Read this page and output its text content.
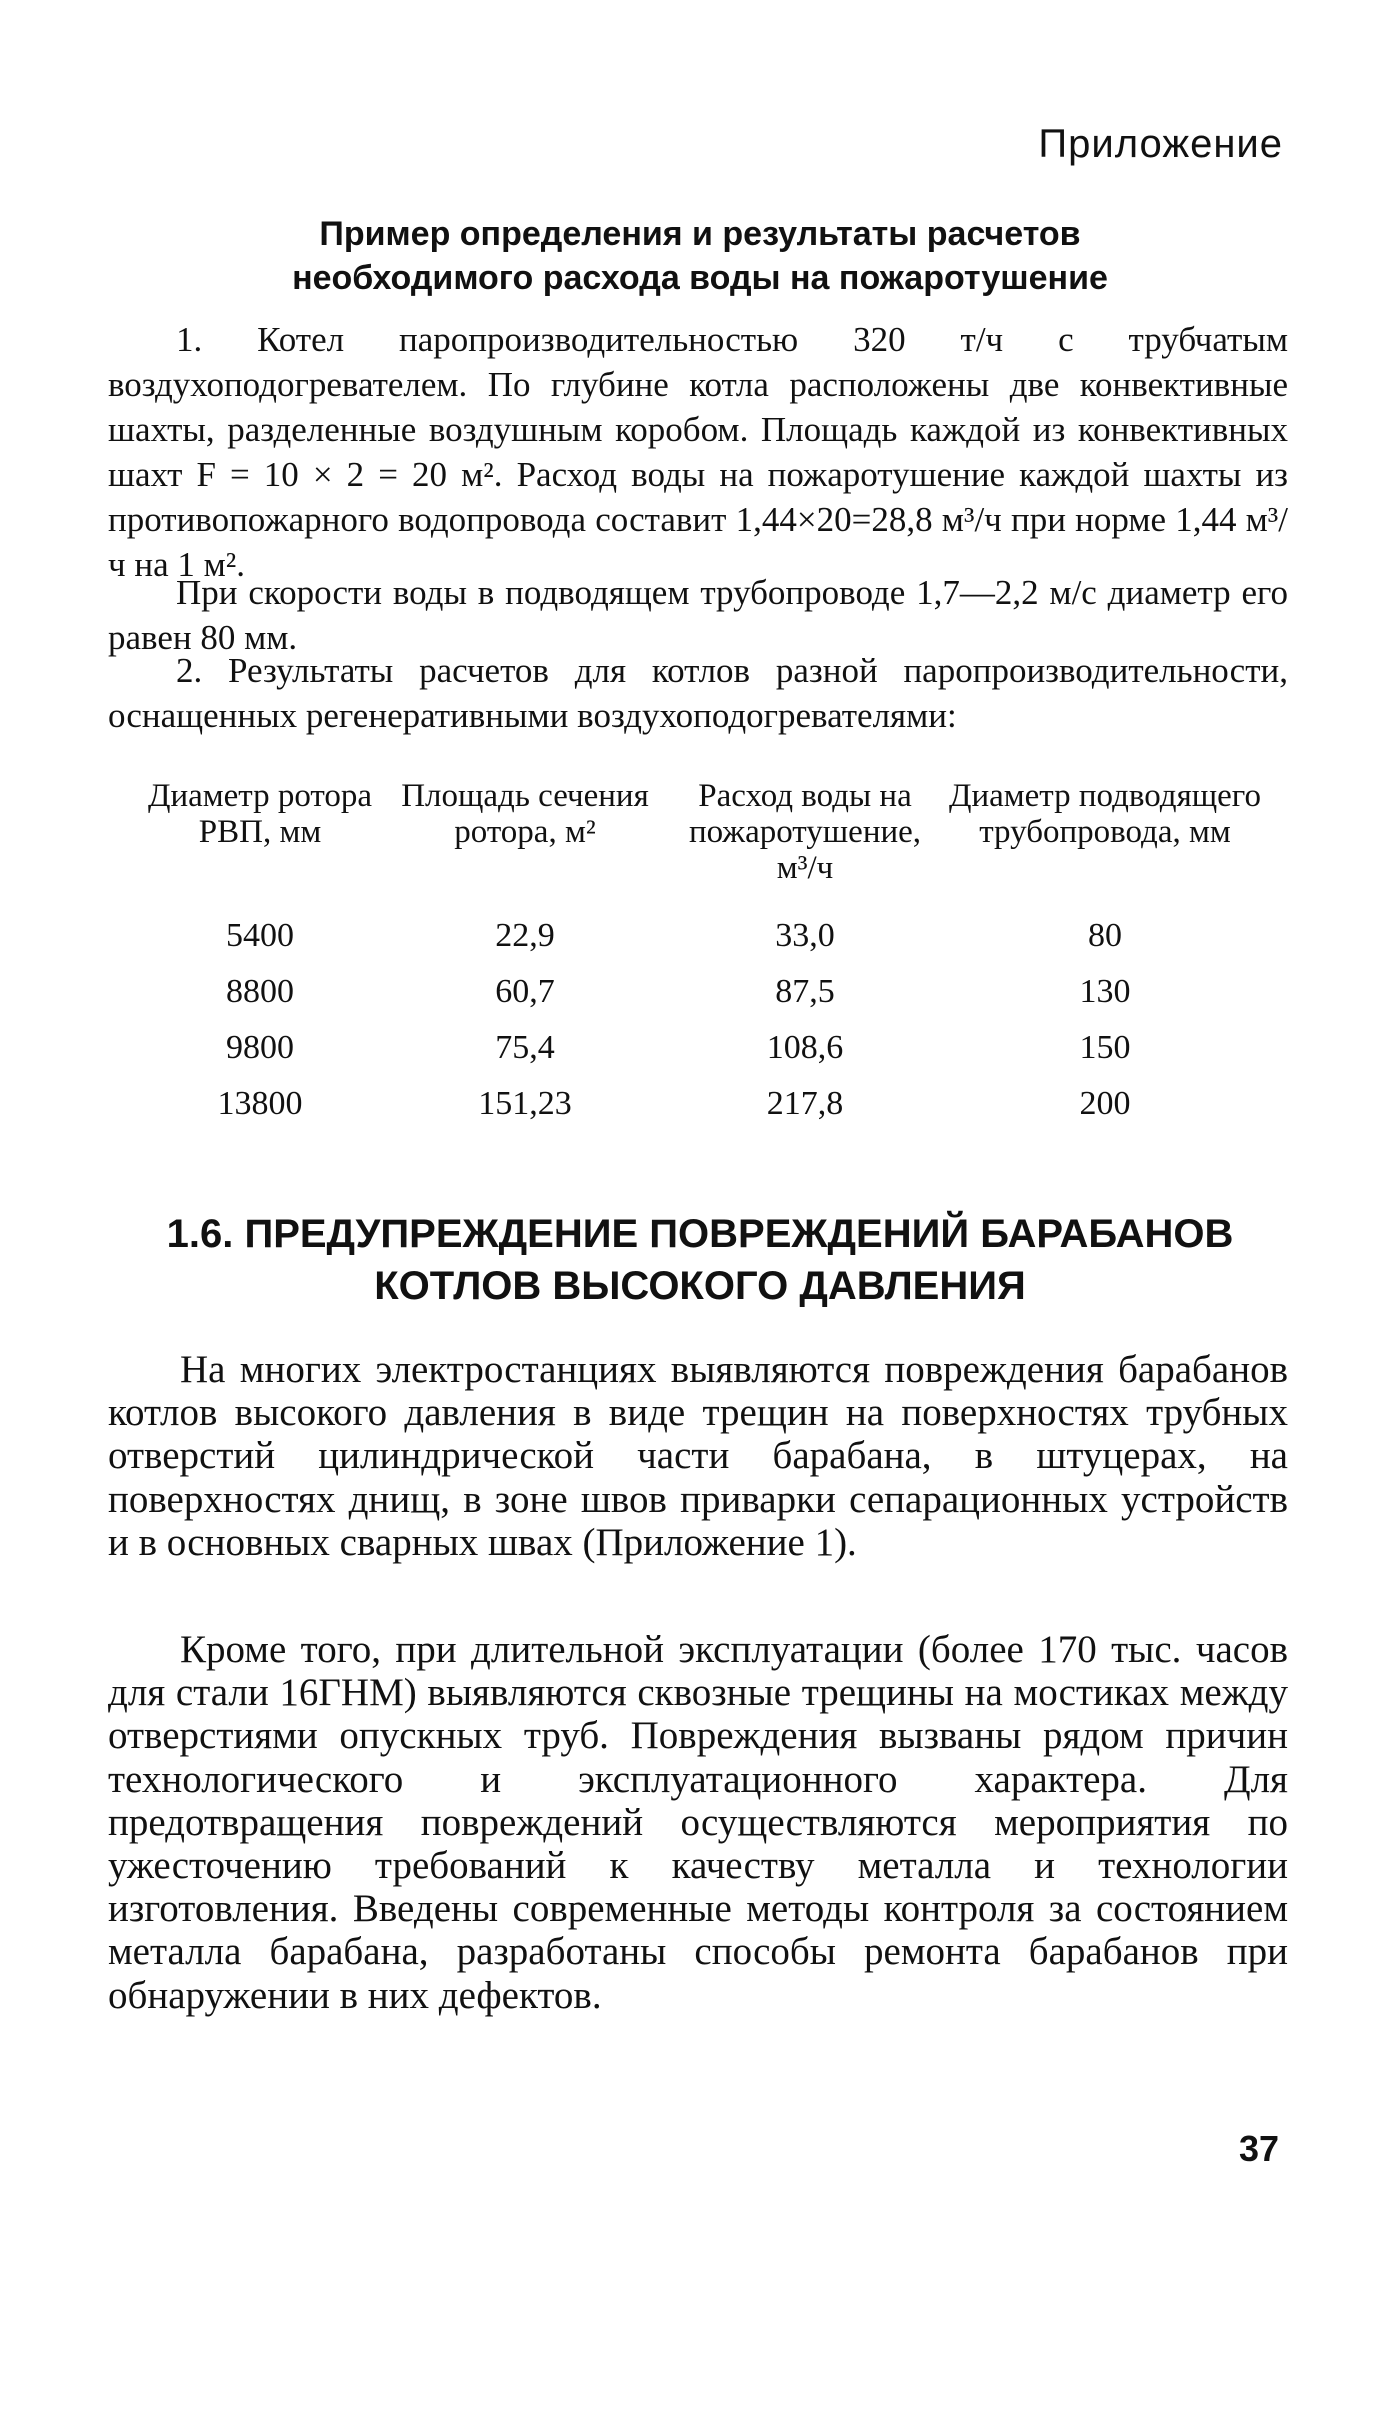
Приложение
Пример определения и результаты расчетов
необходимого расхода воды на пожаротушение

1. Котел паропроизводительностью 320 т/ч с трубчатым воздухоподогревателем. По глубине котла расположены две конвективные шахты, разделенные воздушным коробом. Площадь каждой из конвективных шахт F = 10 × 2 = 20 м². Расход воды на пожаротушение каждой шахты из противопожарного водопровода составит 1,44×20=28,8 м³/ч при норме 1,44 м³/ч на 1 м².

При скорости воды в подводящем трубопроводе 1,7—2,2 м/с диаметр его равен 80 мм.

2. Результаты расчетов для котлов разной паропроизводительности, оснащенных регенеративными воздухоподогревателями:

Диаметр ротора РВП, мм	Площадь сечения ротора, м²	Расход воды на пожаротушение, м³/ч	Диаметр подводящего трубопровода, мм
5400	22,9	33,0	80
8800	60,7	87,5	130
9800	75,4	108,6	150
13800	151,23	217,8	200
1.6. ПРЕДУПРЕЖДЕНИЕ ПОВРЕЖДЕНИЙ БАРАБАНОВ
КОТЛОВ ВЫСОКОГО ДАВЛЕНИЯ

На многих электростанциях выявляются повреждения барабанов котлов высокого давления в виде трещин на поверхностях трубных отверстий цилиндрической части барабана, в штуцерах, на поверхностях днищ, в зоне швов приварки сепарационных устройств и в основных сварных швах (Приложение 1).

Кроме того, при длительной эксплуатации (более 170 тыс. часов для стали 16ГНМ) выявляются сквозные трещины на мостиках между отверстиями опускных труб. Повреждения вызваны рядом причин технологического и эксплуатационного характера. Для предотвращения повреждений осуществляются мероприятия по ужесточению требований к качеству металла и технологии изготовления. Введены современные методы контроля за состоянием металла барабана, разработаны способы ремонта барабанов при обнаружении в них дефектов.

37
